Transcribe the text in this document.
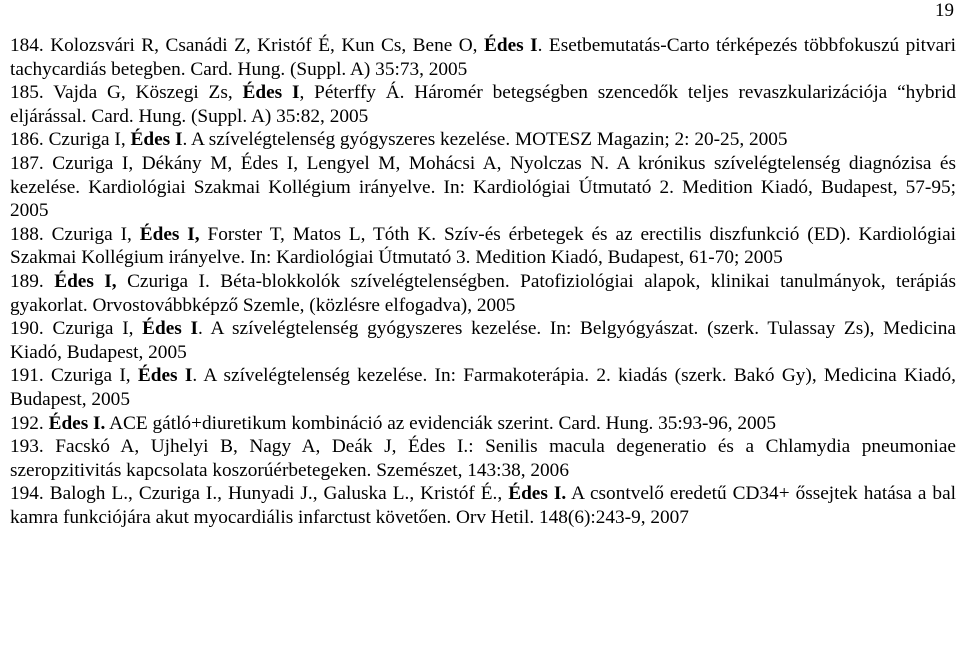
19
184. Kolozsvári R, Csanádi Z, Kristóf É, Kun Cs, Bene O, Édes I. Esetbemutatás-Carto térképezés többfokuszú pitvari tachycardiás betegben. Card. Hung. (Suppl. A) 35:73, 2005
185. Vajda G, Köszegi Zs, Édes I, Péterffy Á. Háromér betegségben szencedők teljes revaszkularizációja “hybrid eljárással. Card. Hung. (Suppl. A) 35:82, 2005
186. Czuriga I, Édes I. A szívelégtelenség gyógyszeres kezelése. MOTESZ Magazin; 2: 20-25, 2005
187. Czuriga I, Dékány M, Édes I, Lengyel M, Mohácsi A, Nyolczas N. A krónikus szívelégtelenség diagnózisa és kezelése. Kardiológiai Szakmai Kollégium irányelve. In: Kardiológiai Útmutató 2. Medition Kiadó, Budapest, 57-95; 2005
188. Czuriga I, Édes I, Forster T, Matos L, Tóth K. Szív-és érbetegek és az erectilis diszfunkció (ED). Kardiológiai Szakmai Kollégium irányelve. In: Kardiológiai Útmutató 3. Medition Kiadó, Budapest, 61-70; 2005
189. Édes I, Czuriga I. Béta-blokkolók szívelégtelenségben. Patofiziológiai alapok, klinikai tanulmányok, terápiás gyakorlat. Orvostovábbképző Szemle, (közlésre elfogadva), 2005
190. Czuriga I, Édes I. A szívelégtelenség gyógyszeres kezelése. In: Belgyógyászat. (szerk. Tulassay Zs), Medicina Kiadó, Budapest, 2005
191. Czuriga I, Édes I. A szívelégtelenség kezelése. In: Farmakoterápia. 2. kiadás (szerk. Bakó Gy), Medicina Kiadó, Budapest, 2005
192. Édes I. ACE gátló+diuretikum kombináció az evidenciák szerint. Card. Hung. 35:93-96, 2005
193. Facskó A, Ujhelyi B, Nagy A, Deák J, Édes I.: Senilis macula degeneratio és a Chlamydia pneumoniae szeropzitivitás kapcsolata koszorúérbetegeken. Szemészet, 143:38, 2006
194. Balogh L., Czuriga I., Hunyadi J., Galuska L., Kristóf É., Édes I. A csontvelő eredetű CD34+ őssejtek hatása a bal kamra funkciójára akut myocardiális infarctust követően. Orv Hetil. 148(6):243-9, 2007
